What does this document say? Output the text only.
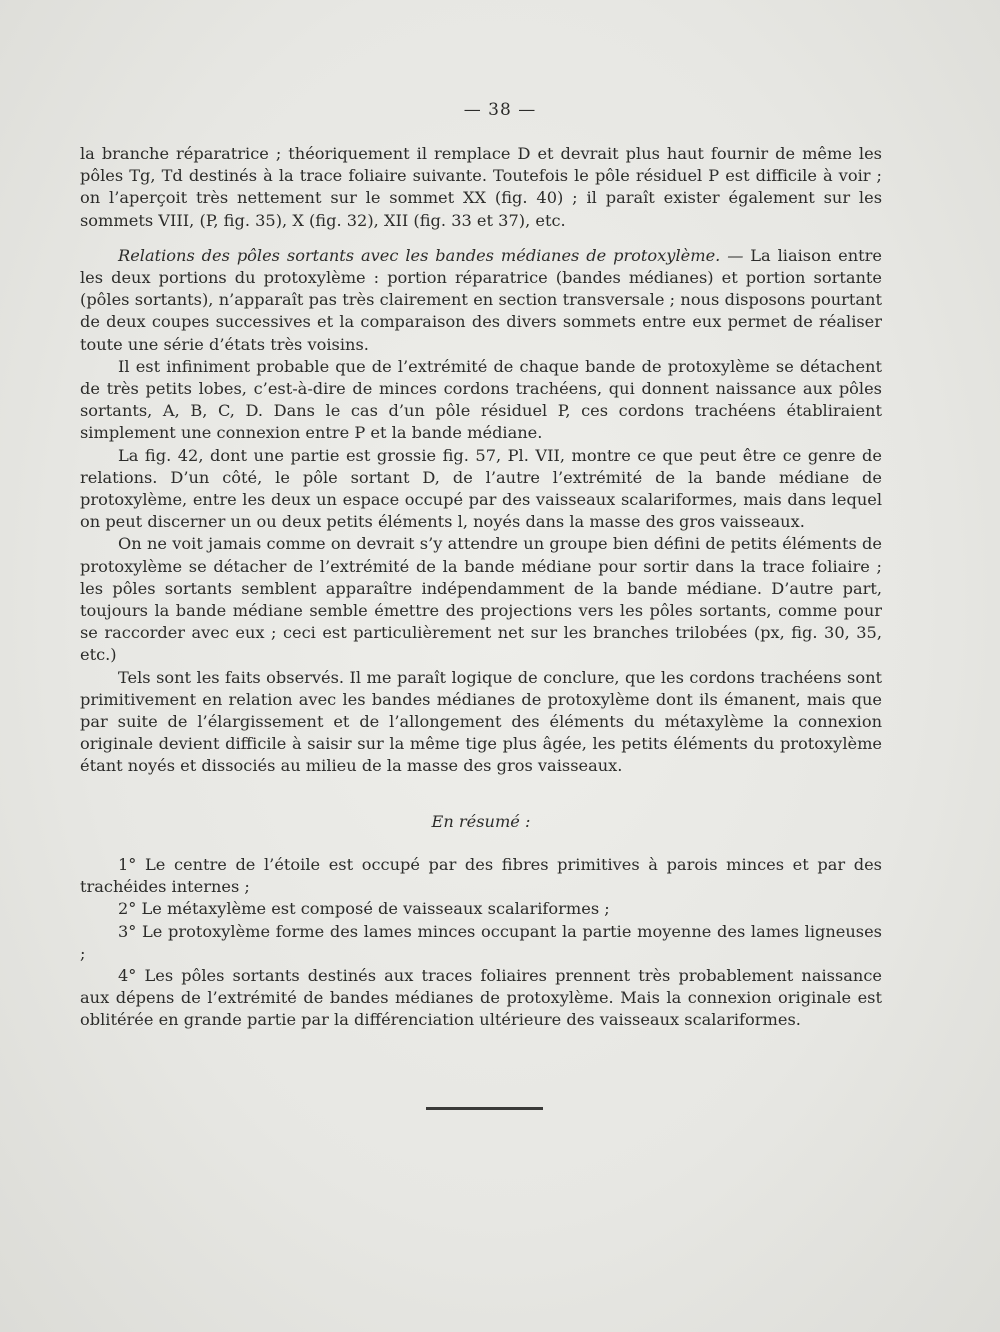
— 38 —

la branche réparatrice ; théoriquement il remplace D et devrait plus haut fournir de même les pôles Tg, Td destinés à la trace foliaire suivante. Toutefois le pôle résiduel P est difficile à voir ; on l’aperçoit très nettement sur le sommet XX (fig. 40) ; il paraît exister également sur les sommets VIII, (P, fig. 35), X (fig. 32), XII (fig. 33 et 37), etc.

Relations des pôles sortants avec les bandes médianes de protoxylème. — La liaison entre les deux portions du protoxylème : portion réparatrice (bandes médianes) et portion sortante (pôles sortants), n’apparaît pas très clairement en section transversale ; nous disposons pourtant de deux coupes successives et la comparaison des divers sommets entre eux permet de réaliser toute une série d’états très voisins.

Il est infiniment probable que de l’extrémité de chaque bande de protoxylème se détachent de très petits lobes, c’est-à-dire de minces cordons trachéens, qui donnent naissance aux pôles sortants, A, B, C, D. Dans le cas d’un pôle résiduel P, ces cordons trachéens établiraient simplement une connexion entre P et la bande médiane.

La fig. 42, dont une partie est grossie fig. 57, Pl. VII, montre ce que peut être ce genre de relations. D’un côté, le pôle sortant D, de l’autre l’extrémité de la bande médiane de protoxylème, entre les deux un espace occupé par des vaisseaux scalariformes, mais dans lequel on peut discerner un ou deux petits éléments l, noyés dans la masse des gros vaisseaux.

On ne voit jamais comme on devrait s’y attendre un groupe bien défini de petits éléments de protoxylème se détacher de l’extrémité de la bande médiane pour sortir dans la trace foliaire ; les pôles sortants semblent apparaître indépendamment de la bande médiane. D’autre part, toujours la bande médiane semble émettre des projections vers les pôles sortants, comme pour se raccorder avec eux ; ceci est particulièrement net sur les branches trilobées (px, fig. 30, 35, etc.)

Tels sont les faits observés. Il me paraît logique de conclure, que les cordons trachéens sont primitivement en relation avec les bandes médianes de protoxylème dont ils émanent, mais que par suite de l’élargissement et de l’allongement des éléments du métaxylème la connexion originale devient difficile à saisir sur la même tige plus âgée, les petits éléments du protoxylème étant noyés et dissociés au milieu de la masse des gros vaisseaux.

En résumé :

1° Le centre de l’étoile est occupé par des fibres primitives à parois minces et par des trachéides internes ;

2° Le métaxylème est composé de vaisseaux scalariformes ;

3° Le protoxylème forme des lames minces occupant la partie moyenne des lames ligneuses ;

4° Les pôles sortants destinés aux traces foliaires prennent très probablement naissance aux dépens de l’extrémité de bandes médianes de protoxylème. Mais la connexion originale est oblitérée en grande partie par la différenciation ultérieure des vaisseaux scalariformes.
